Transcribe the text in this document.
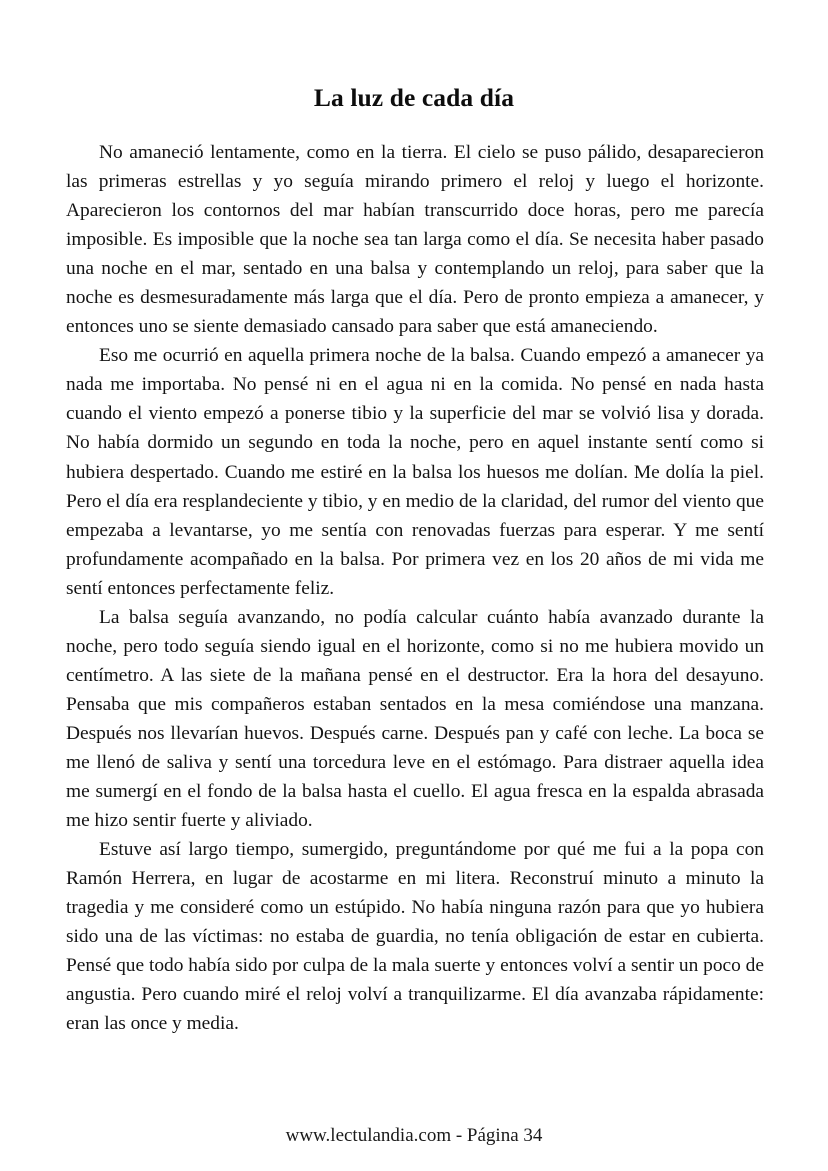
La luz de cada día

No amaneció lentamente, como en la tierra. El cielo se puso pálido, desaparecieron las primeras estrellas y yo seguía mirando primero el reloj y luego el horizonte. Aparecieron los contornos del mar habían transcurrido doce horas, pero me parecía imposible. Es imposible que la noche sea tan larga como el día. Se necesita haber pasado una noche en el mar, sentado en una balsa y contemplando un reloj, para saber que la noche es desmesuradamente más larga que el día. Pero de pronto empieza a amanecer, y entonces uno se siente demasiado cansado para saber que está amaneciendo.

Eso me ocurrió en aquella primera noche de la balsa. Cuando empezó a amanecer ya nada me importaba. No pensé ni en el agua ni en la comida. No pensé en nada hasta cuando el viento empezó a ponerse tibio y la superficie del mar se volvió lisa y dorada. No había dormido un segundo en toda la noche, pero en aquel instante sentí como si hubiera despertado. Cuando me estiré en la balsa los huesos me dolían. Me dolía la piel. Pero el día era resplandeciente y tibio, y en medio de la claridad, del rumor del viento que empezaba a levantarse, yo me sentía con renovadas fuerzas para esperar. Y me sentí profundamente acompañado en la balsa. Por primera vez en los 20 años de mi vida me sentí entonces perfectamente feliz.

La balsa seguía avanzando, no podía calcular cuánto había avanzado durante la noche, pero todo seguía siendo igual en el horizonte, como si no me hubiera movido un centímetro. A las siete de la mañana pensé en el destructor. Era la hora del desayuno. Pensaba que mis compañeros estaban sentados en la mesa comiéndose una manzana. Después nos llevarían huevos. Después carne. Después pan y café con leche. La boca se me llenó de saliva y sentí una torcedura leve en el estómago. Para distraer aquella idea me sumergí en el fondo de la balsa hasta el cuello. El agua fresca en la espalda abrasada me hizo sentir fuerte y aliviado.

Estuve así largo tiempo, sumergido, preguntándome por qué me fui a la popa con Ramón Herrera, en lugar de acostarme en mi litera. Reconstruí minuto a minuto la tragedia y me consideré como un estúpido. No había ninguna razón para que yo hubiera sido una de las víctimas: no estaba de guardia, no tenía obligación de estar en cubierta. Pensé que todo había sido por culpa de la mala suerte y entonces volví a sentir un poco de angustia. Pero cuando miré el reloj volví a tranquilizarme. El día avanzaba rápidamente: eran las once y media.

www.lectulandia.com - Página 34
